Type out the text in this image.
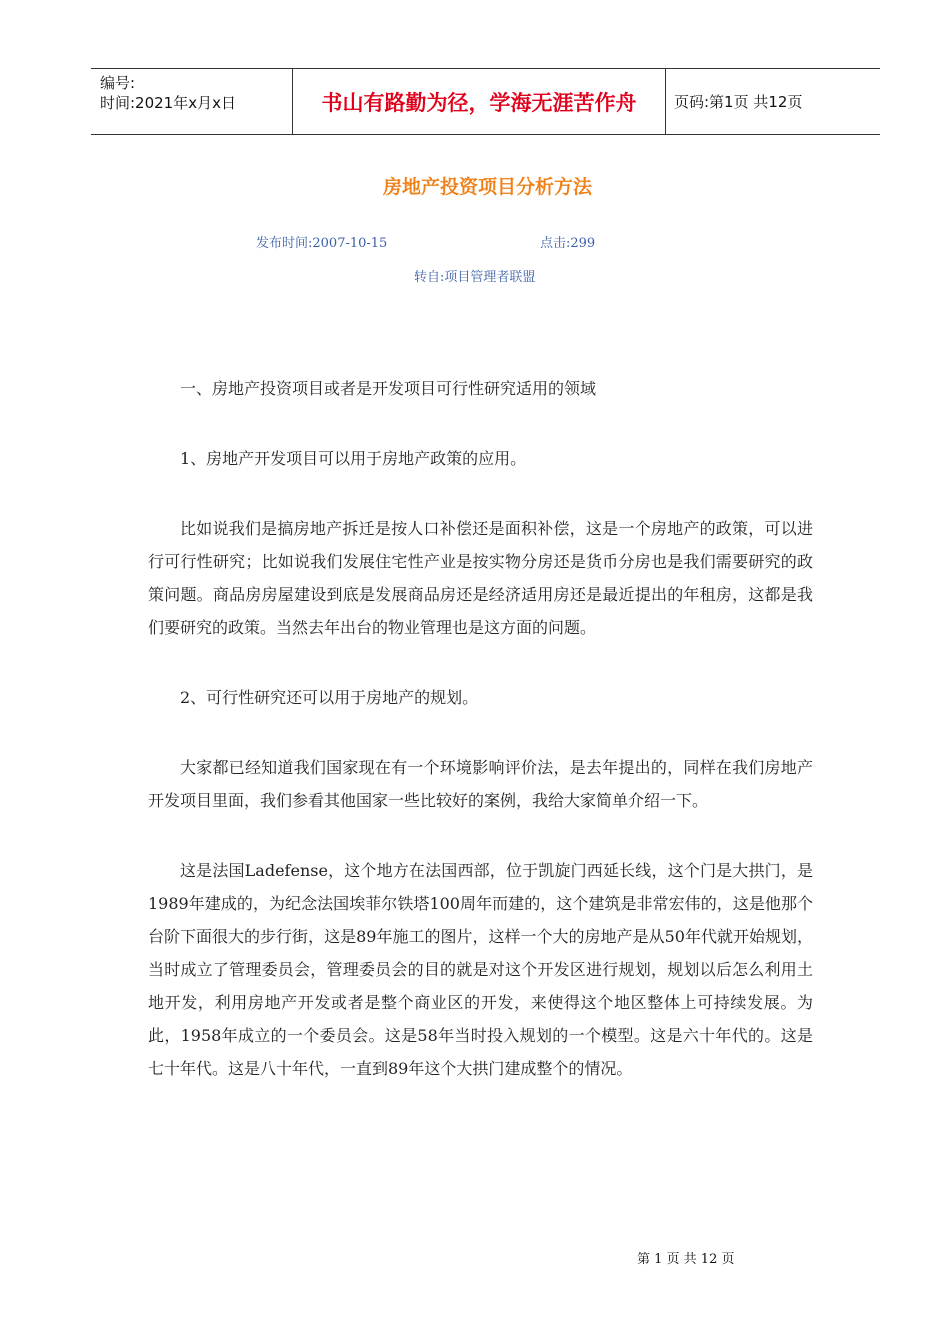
编号:
时间:2021年x月x日	书山有路勤为径，学海无涯苦作舟	页码:第1页 共12页
房地产投资项目分析方法
发布时间:2007-10-15	点击:299
转自:项目管理者联盟

一、房地产投资项目或者是开发项目可行性研究适用的领域

1、房地产开发项目可以用于房地产政策的应用。

比如说我们是搞房地产拆迁是按人口补偿还是面积补偿，这是一个房地产的政策，可以进行可行性研究；比如说我们发展住宅性产业是按实物分房还是货币分房也是我们需要研究的政策问题。商品房房屋建设到底是发展商品房还是经济适用房还是最近提出的年租房，这都是我们要研究的政策。当然去年出台的物业管理也是这方面的问题。

2、可行性研究还可以用于房地产的规划。

大家都已经知道我们国家现在有一个环境影响评价法，是去年提出的，同样在我们房地产开发项目里面，我们参看其他国家一些比较好的案例，我给大家简单介绍一下。

这是法国Ladefense，这个地方在法国西部，位于凯旋门西延长线，这个门是大拱门，是1989年建成的，为纪念法国埃菲尔铁塔100周年而建的，这个建筑是非常宏伟的，这是他那个台阶下面很大的步行街，这是89年施工的图片，这样一个大的房地产是从50年代就开始规划，当时成立了管理委员会，管理委员会的目的就是对这个开发区进行规划，规划以后怎么利用土地开发，利用房地产开发或者是整个商业区的开发，来使得这个地区整体上可持续发展。为此，1958年成立的一个委员会。这是58年当时投入规划的一个模型。这是六十年代的。这是七十年代。这是八十年代，一直到89年这个大拱门建成整个的情况。

第 1 页 共 12 页
